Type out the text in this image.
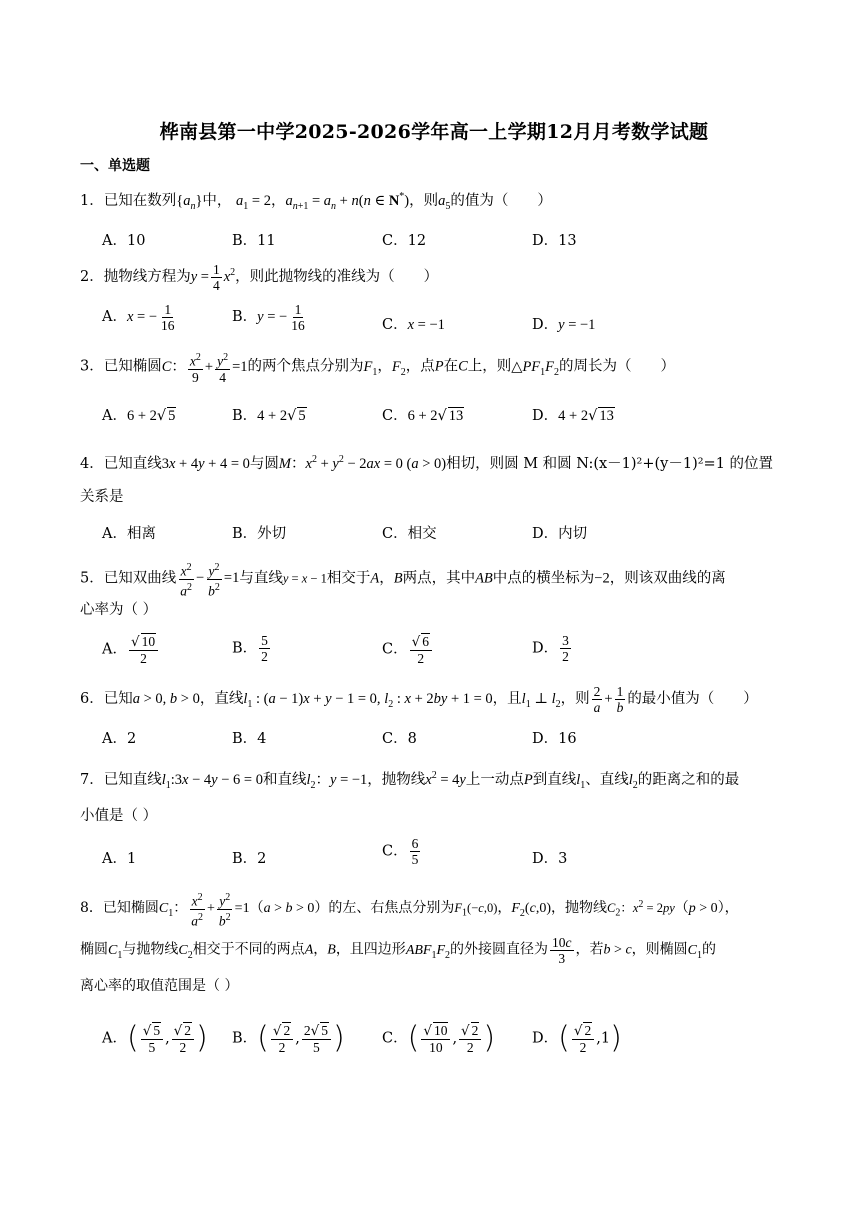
桦南县第一中学2025-2026学年高一上学期12月月考数学试题
一、单选题
1．已知在数列$\{a_n\}$中， $a_1 = 2$，$a_{n+1} = a_n + n(n$ ∈ N*)，则$a_5$的值为（　　）
A．10	B．11	C．12	D．13
2．抛物线方程为$y = \frac{1}{4} x^2$，则此抛物线的准线为（　　）
A．x = − $\frac{1}{16}$	B．y = − $\frac{1}{16}$	C．x = −1	D．y = −1
3．已知椭圆C： $\frac{x^2}{9} + \frac{y^2}{4} =1$的两个焦点分别为$F_1$，$F_2$，点P在C上，则$\triangle PF_1F_2$的周长为（　　）
A．6 + 2√ 5	B．4 + 2√ 5	C．6 + 2√ 13	D．4 + 2√ 13
4．已知直线3x + 4y + 4 = 0与圆M：$x^2 + y^2 - 2ax = 0$ (a > 0)相切，则圆 M 和圆 N:(x－1)²+(y－1)²=1 的位置
关系是
A．相离	B．外切	C．相交	D．内切
5．已知双曲线 $\frac{x^2}{a^2} - \frac{y^2}{b^2} =1$与直线y = x − 1相交于A，B两点，其中AB中点的横坐标为−2，则该双曲线的离
心率为（ ）
A． $\frac{√ 10}{2}$	B． $\frac{5}{2}$	C． $\frac{√ 6}{2}$	D． $\frac{3}{2}$
6．已知a > 0, b > 0，直线$l_1$ : (a − 1)x + y − 1 = 0, $l_2$ : x + 2by + 1 = 0，且$l_1$ ⊥ $l_2$，则 $\frac{2}{a} + \frac{1}{b}$ 的最小值为（　　）
A．2	B．4	C．8	D．16
7．已知直线$l_1:3x - 4y - 6 = 0$和直线$l_2$：y = −1，抛物线$x^2 = 4y$上一动点P到直线$l_1$、直线$l_2$的距离之和的最
小值是（ ）
A．1	B．2	C． $\frac{6}{5}$	D．3
8．已知椭圆$C_1$： $\frac{x^2}{a^2} + \frac{y^2}{b^2} =1(a > b > 0)$的左、右焦点分别为$F_1(-c,0)$，$F_2(c,0)$，抛物线$C_2$：$x^2 = 2py(p > 0)$，
椭圆$C_1$与抛物线$C_2$相交于不同的两点A，B，且四边形$ABF_1F_2$的外接圆直径为 $\frac{10c}{3}$ ，若b > c，则椭圆$C_1$的
离心率的取值范围是（ ）
A．( $\frac{√ 5}{5}$ , $\frac{√ 2}{2}$ ) B．( $\frac{√ 2}{2}$ , $\frac{2√ 5}{5}$ )	C．( $\frac{√ 10}{10}$ , $\frac{√ 2}{2}$ )	D．( $\frac{√ 2}{2} ,1$)
